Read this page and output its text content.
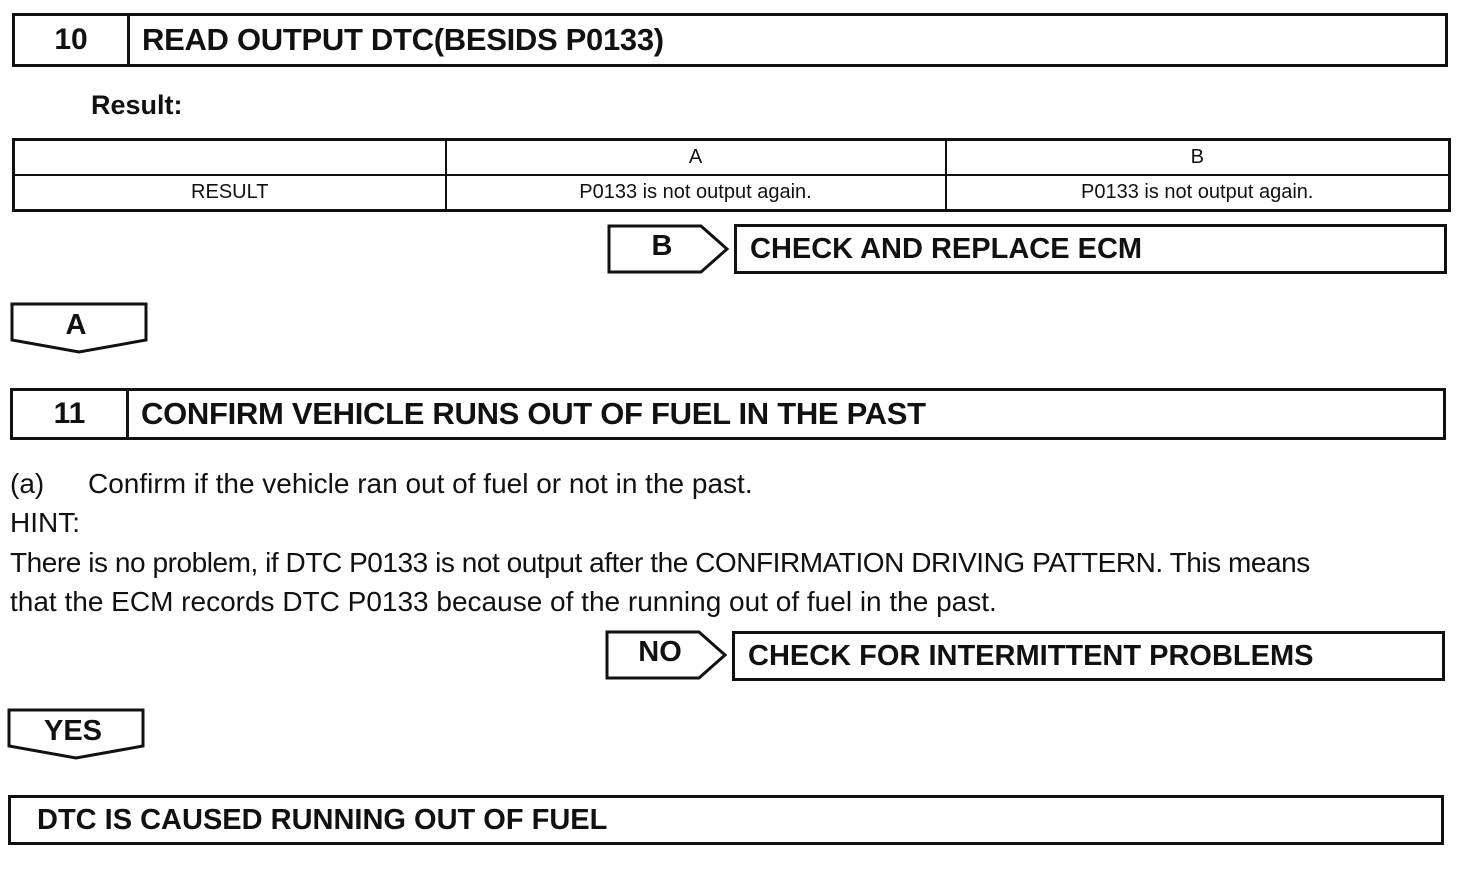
10	READ OUTPUT DTC(BESIDS P0133)
Result:
	A	B
RESULT	P0133 is not output again.	P0133 is not output again.
B	CHECK AND REPLACE ECM
A
11	CONFIRM VEHICLE RUNS OUT OF FUEL IN THE PAST
(a) Confirm if the vehicle ran out of fuel or not in the past.
HINT:
There is no problem, if DTC P0133 is not output after the CONFIRMATION DRIVING PATTERN. This means
that the ECM records DTC P0133 because of the running out of fuel in the past.
NO	CHECK FOR INTERMITTENT PROBLEMS
YES
DTC IS CAUSED RUNNING OUT OF FUEL
